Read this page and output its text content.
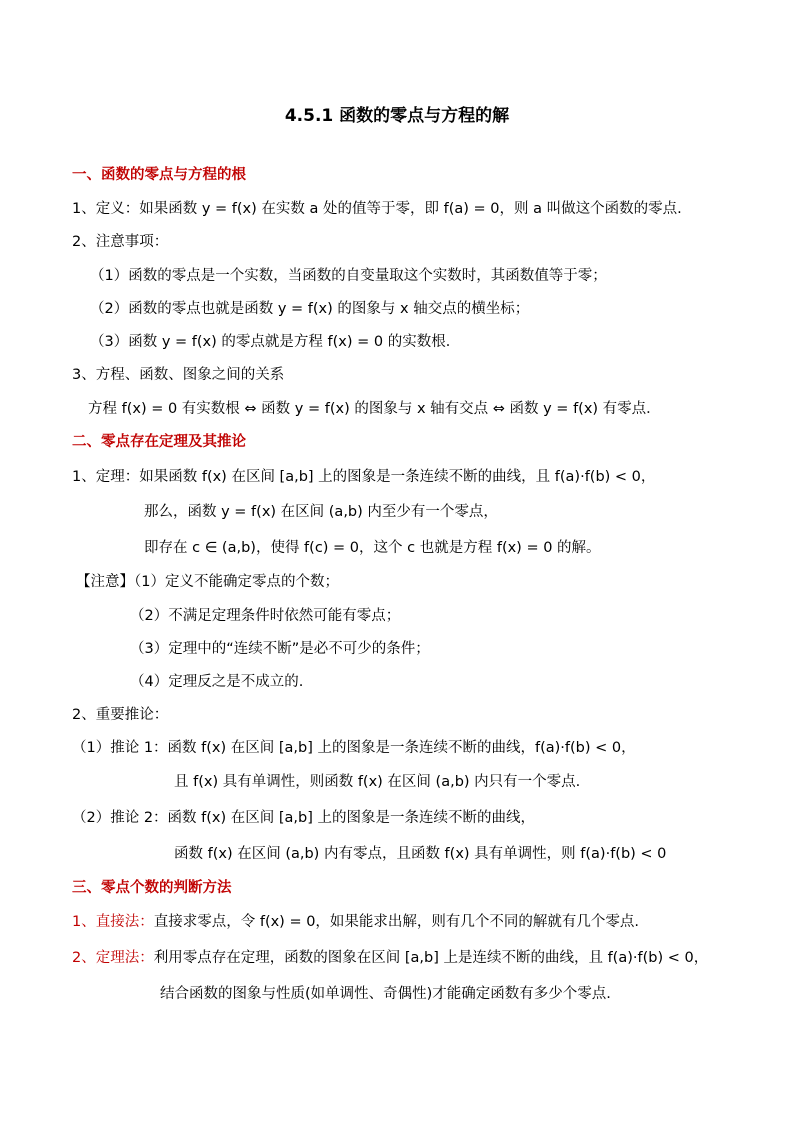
4.5.1 函数的零点与方程的解
一、函数的零点与方程的根
1、定义：如果函数 y = f(x) 在实数 a 处的值等于零，即 f(a) = 0，则 a 叫做这个函数的零点.
2、注意事项：
（1）函数的零点是一个实数，当函数的自变量取这个实数时，其函数值等于零；
（2）函数的零点也就是函数 y = f(x) 的图象与 x 轴交点的横坐标；
（3）函数 y = f(x) 的零点就是方程 f(x) = 0 的实数根．
3、方程、函数、图象之间的关系
方程 f(x) = 0 有实数根 ⇔ 函数 y = f(x) 的图象与 x 轴有交点 ⇔ 函数 y = f(x) 有零点．
二、零点存在定理及其推论
1、定理：如果函数 f(x) 在区间 [a,b] 上的图象是一条连续不断的曲线，且 f(a)·f(b) < 0，
那么，函数 y = f(x) 在区间 (a,b) 内至少有一个零点，
即存在 c ∈ (a,b)，使得 f(c) = 0，这个 c 也就是方程 f(x) = 0 的解。
【注意】（1）定义不能确定零点的个数；
（2）不满足定理条件时依然可能有零点；
（3）定理中的“连续不断”是必不可少的条件；
（4）定理反之是不成立的.
2、重要推论：
（1）推论 1：函数 f(x) 在区间 [a,b] 上的图象是一条连续不断的曲线，f(a)·f(b) < 0，
且 f(x) 具有单调性，则函数 f(x) 在区间 (a,b) 内只有一个零点.
（2）推论 2：函数 f(x) 在区间 [a,b] 上的图象是一条连续不断的曲线，
函数 f(x) 在区间 (a,b) 内有零点，且函数 f(x) 具有单调性，则 f(a)·f(b) < 0
三、零点个数的判断方法
1、直接法：直接求零点，令 f(x) = 0，如果能求出解，则有几个不同的解就有几个零点.
2、定理法：利用零点存在定理，函数的图象在区间 [a,b] 上是连续不断的曲线，且 f(a)·f(b) < 0，
结合函数的图象与性质(如单调性、奇偶性)才能确定函数有多少个零点.
